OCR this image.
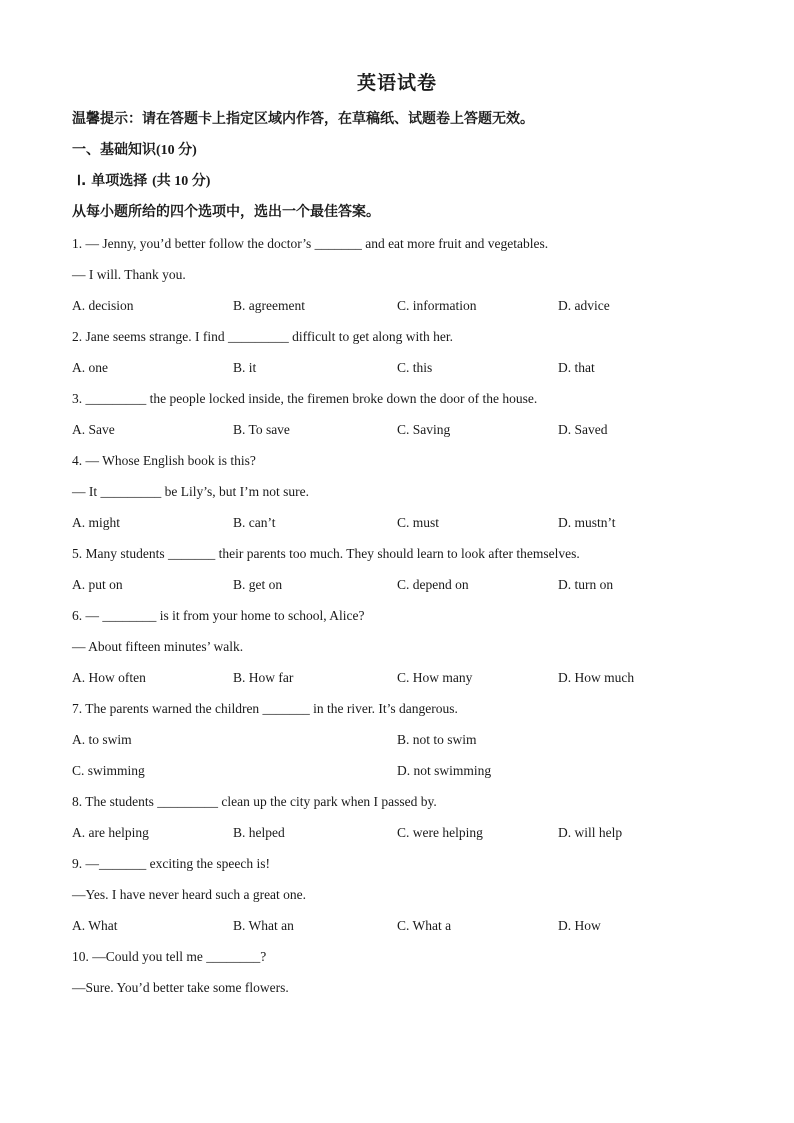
英语试卷
温馨提示：请在答题卡上指定区域内作答，在草稿纸、试题卷上答题无效。
一、基础知识(10 分)
Ⅰ. 单项选择 (共 10 分)
从每小题所给的四个选项中，选出一个最佳答案。
1. — Jenny, you’d better follow the doctor’s _______ and eat more fruit and vegetables.
— I will. Thank you.
A. decision	B. agreement	C. information	D. advice
2. Jane seems strange. I find _________ difficult to get along with her.
A. one	B. it	C. this	D. that
3. _________ the people locked inside, the firemen broke down the door of the house.
A. Save	B. To save	C. Saving	D. Saved
4. — Whose English book is this?
— It _________ be Lily’s, but I’m not sure.
A. might	B. can’t	C. must	D. mustn’t
5. Many students _______ their parents too much. They should learn to look after themselves.
A. put on	B. get on	C. depend on	D. turn on
6. — ________ is it from your home to school, Alice?
— About fifteen minutes’ walk.
A. How often	B. How far	C. How many	D. How much
7. The parents warned the children _______ in the river. It’s dangerous.
A. to swim	B. not to swim
C. swimming	D. not swimming
8. The students _________ clean up the city park when I passed by.
A. are helping	B. helped	C. were helping	D. will help
9. —_______ exciting the speech is!
—Yes. I have never heard such a great one.
A. What	B. What an	C. What a	D. How
10. —Could you tell me ________?
—Sure. You’d better take some flowers.
